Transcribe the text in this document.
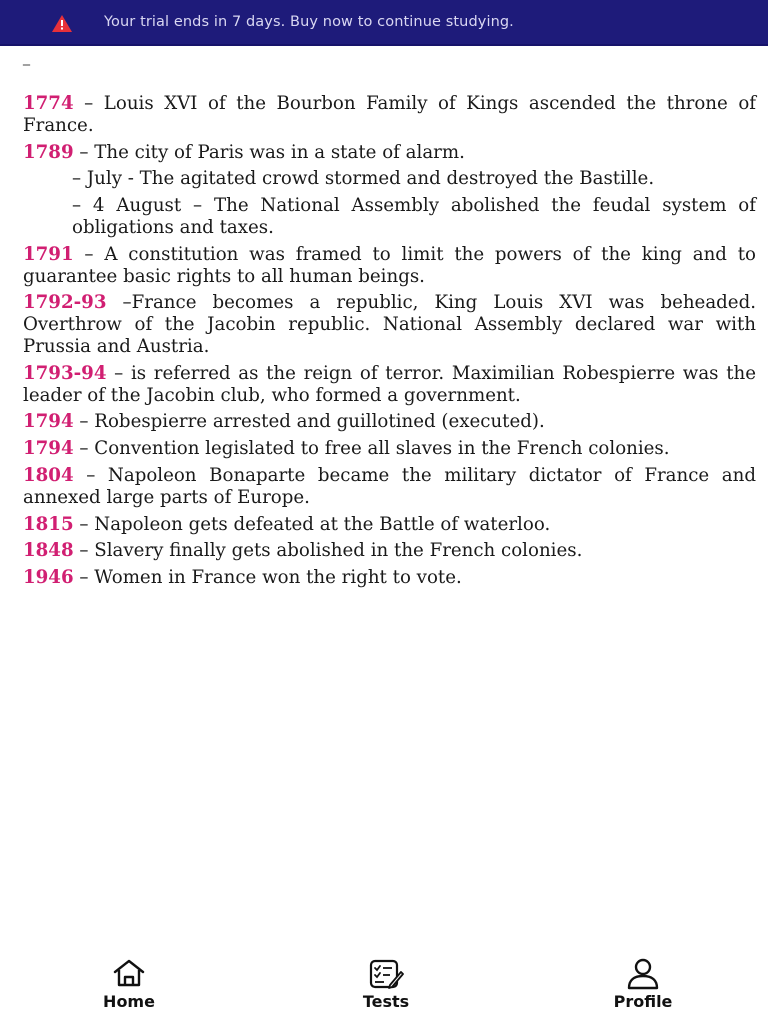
Your trial ends in 7 days. Buy now to continue studying.
_
1774 – Louis XVI of the Bourbon Family of Kings ascended the throne of France.
1789 – The city of Paris was in a state of alarm.
– July - The agitated crowd stormed and destroyed the Bastille.
– 4 August – The National Assembly abolished the feudal system of obligations and taxes.
1791 – A constitution was framed to limit the powers of the king and to guarantee basic rights to all human beings.
1792-93 –France becomes a republic, King Louis XVI was beheaded. Overthrow of the Jacobin republic. National Assembly declared war with Prussia and Austria.
1793-94 – is referred as the reign of terror. Maximilian Robespierre was the leader of the Jacobin club, who formed a government.
1794 – Robespierre arrested and guillotined (executed).
1794 – Convention legislated to free all slaves in the French colonies.
1804 – Napoleon Bonaparte became the military dictator of France and annexed large parts of Europe.
1815 – Napoleon gets defeated at the Battle of waterloo.
1848 – Slavery finally gets abolished in the French colonies.
1946 – Women in France won the right to vote.
Home	Tests	Profile
